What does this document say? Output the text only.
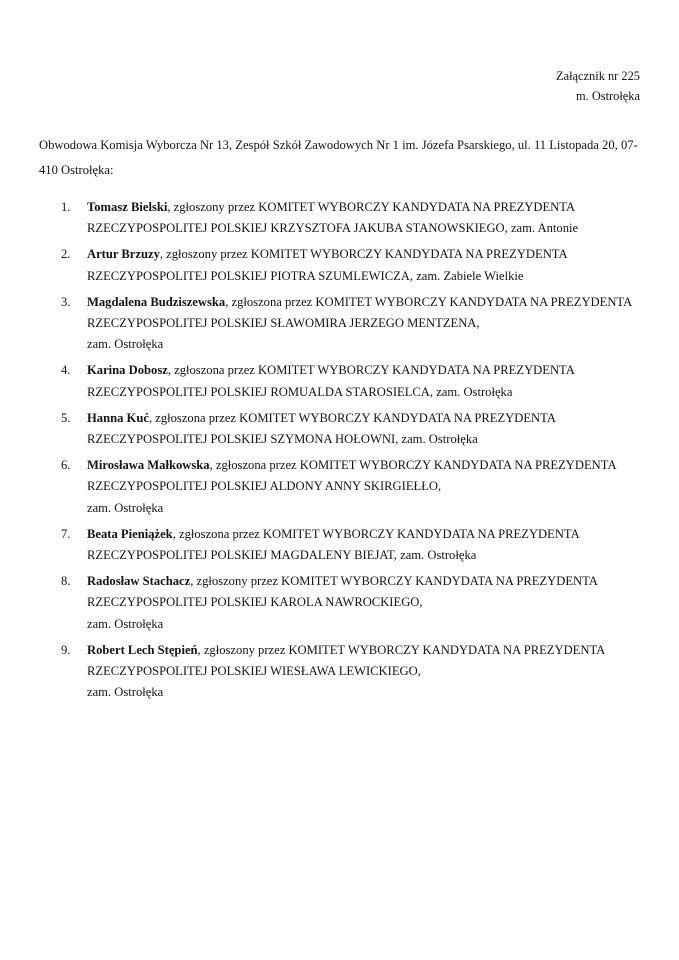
Załącznik nr 225
m. Ostrołęka

Obwodowa Komisja Wyborcza Nr 13, Zespół Szkół Zawodowych Nr 1 im. Józefa Psarskiego, ul. 11 Listopada 20, 07-410 Ostrołęka:

1.	Tomasz Bielski, zgłoszony przez KOMITET WYBORCZY KANDYDATA NA PREZYDENTA RZECZYPOSPOLITEJ POLSKIEJ KRZYSZTOFA JAKUBA STANOWSKIEGO, zam. Antonie
2.	Artur Brzuzy, zgłoszony przez KOMITET WYBORCZY KANDYDATA NA PREZYDENTA RZECZYPOSPOLITEJ POLSKIEJ PIOTRA SZUMLEWICZA, zam. Zabiele Wielkie
3.	Magdalena Budziszewska, zgłoszona przez KOMITET WYBORCZY KANDYDATA NA PREZYDENTA RZECZYPOSPOLITEJ POLSKIEJ SŁAWOMIRA JERZEGO MENTZENA,
zam. Ostrołęka
4.	Karina Dobosz, zgłoszona przez KOMITET WYBORCZY KANDYDATA NA PREZYDENTA RZECZYPOSPOLITEJ POLSKIEJ ROMUALDA STAROSIELCA, zam. Ostrołęka
5.	Hanna Kuć, zgłoszona przez KOMITET WYBORCZY KANDYDATA NA PREZYDENTA RZECZYPOSPOLITEJ POLSKIEJ SZYMONA HOŁOWNI, zam. Ostrołęka
6.	Mirosława Małkowska, zgłoszona przez KOMITET WYBORCZY KANDYDATA NA PREZYDENTA RZECZYPOSPOLITEJ POLSKIEJ ALDONY ANNY SKIRGIEŁŁO,
zam. Ostrołęka
7.	Beata Pieniążek, zgłoszona przez KOMITET WYBORCZY KANDYDATA NA PREZYDENTA RZECZYPOSPOLITEJ POLSKIEJ MAGDALENY BIEJAT, zam. Ostrołęka
8.	Radosław Stachacz, zgłoszony przez KOMITET WYBORCZY KANDYDATA NA PREZYDENTA RZECZYPOSPOLITEJ POLSKIEJ KAROLA NAWROCKIEGO,
zam. Ostrołęka
9.	Robert Lech Stępień, zgłoszony przez KOMITET WYBORCZY KANDYDATA NA PREZYDENTA RZECZYPOSPOLITEJ POLSKIEJ WIESŁAWA LEWICKIEGO,
zam. Ostrołęka
